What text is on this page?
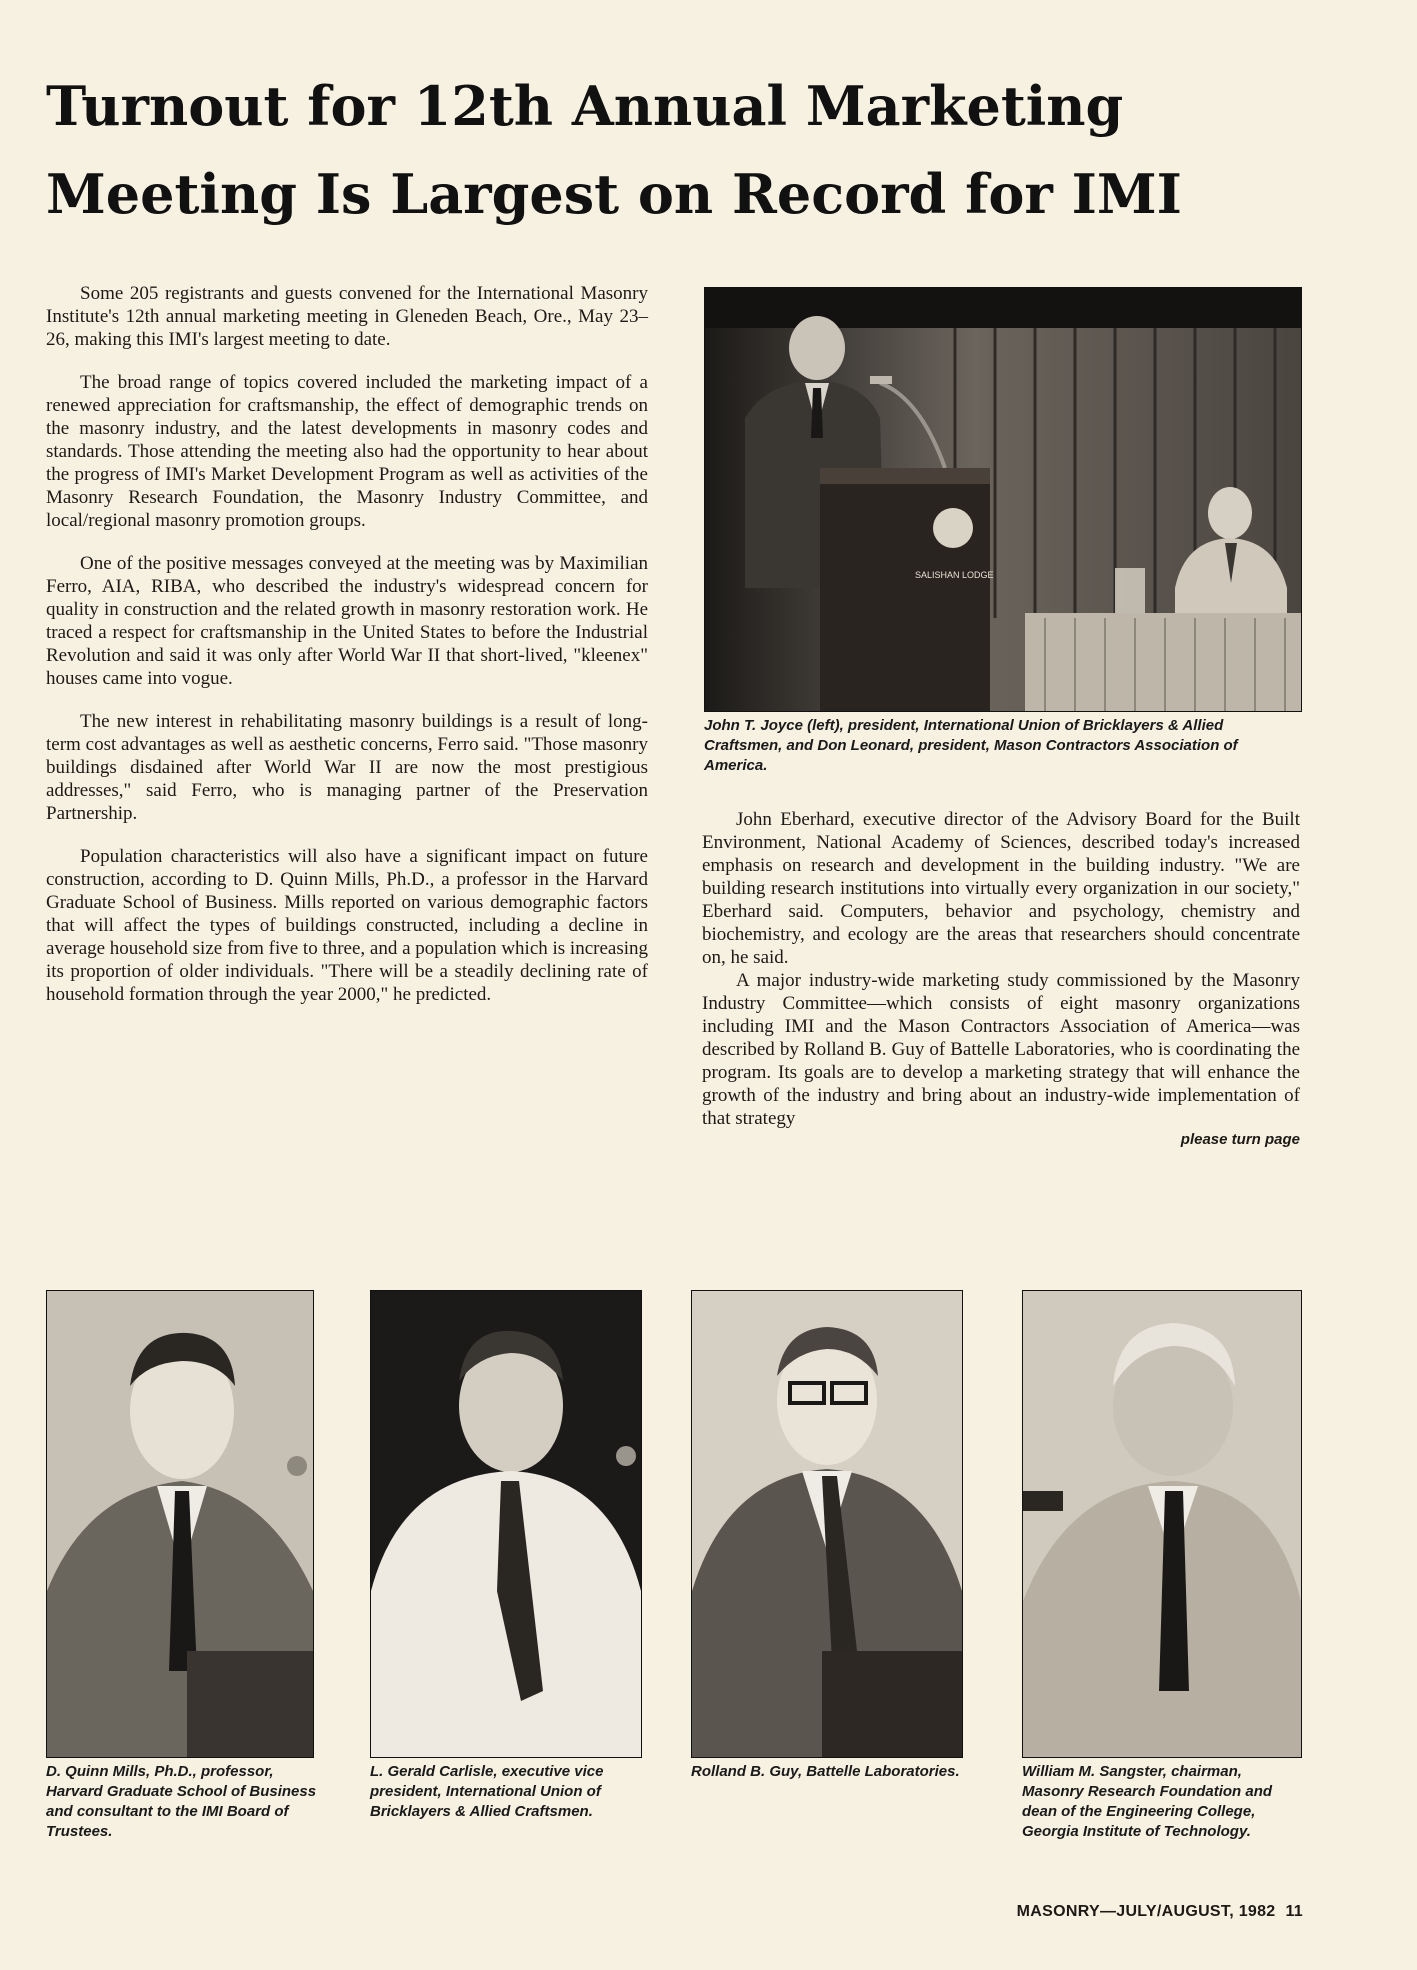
Turnout for 12th Annual Marketing
Meeting Is Largest on Record for IMI

Some 205 registrants and guests convened for the International Masonry Institute's 12th annual marketing meeting in Gleneden Beach, Ore., May 23–26, making this IMI's largest meeting to date.

The broad range of topics covered included the marketing impact of a renewed appreciation for craftsmanship, the effect of demographic trends on the masonry industry, and the latest developments in masonry codes and standards. Those attending the meeting also had the opportunity to hear about the progress of IMI's Market Development Program as well as activities of the Masonry Research Foundation, the Masonry Industry Committee, and local/regional masonry promotion groups.

One of the positive messages conveyed at the meeting was by Maximilian Ferro, AIA, RIBA, who described the industry's widespread concern for quality in construction and the related growth in masonry restoration work. He traced a respect for craftsmanship in the United States to before the Industrial Revolution and said it was only after World War II that short-lived, "kleenex" houses came into vogue.

The new interest in rehabilitating masonry buildings is a result of long-term cost advantages as well as aesthetic concerns, Ferro said. "Those masonry buildings disdained after World War II are now the most prestigious addresses," said Ferro, who is managing partner of the Preservation Partnership.

Population characteristics will also have a significant impact on future construction, according to D. Quinn Mills, Ph.D., a professor in the Harvard Graduate School of Business. Mills reported on various demographic factors that will affect the types of buildings constructed, including a decline in average household size from five to three, and a population which is increasing its proportion of older individuals. "There will be a steadily declining rate of household formation through the year 2000," he predicted.

SALISHAN LODGE
John T. Joyce (left), president, International Union of Bricklayers & Allied Craftsmen, and Don Leonard, president, Mason Contractors Association of America.

John Eberhard, executive director of the Advisory Board for the Built Environment, National Academy of Sciences, described today's increased emphasis on research and development in the building industry. "We are building research institutions into virtually every organization in our society," Eberhard said. Computers, behavior and psychology, chemistry and biochemistry, and ecology are the areas that researchers should concentrate on, he said.

A major industry-wide marketing study commissioned by the Masonry Industry Committee—which consists of eight masonry organizations including IMI and the Mason Contractors Association of America—was described by Rolland B. Guy of Battelle Laboratories, who is coordinating the program. Its goals are to develop a marketing strategy that will enhance the growth of the industry and bring about an industry-wide implementation of that strategy

please turn page

D. Quinn Mills, Ph.D., professor, Harvard Graduate School of Business and consultant to the IMI Board of Trustees.
L. Gerald Carlisle, executive vice president, International Union of Bricklayers & Allied Craftsmen.
Rolland B. Guy, Battelle Laboratories.	William M. Sangster, chairman, Masonry Research Foundation and dean of the Engineering College, Georgia Institute of Technology.
MASONRY—JULY/AUGUST, 1982 11
